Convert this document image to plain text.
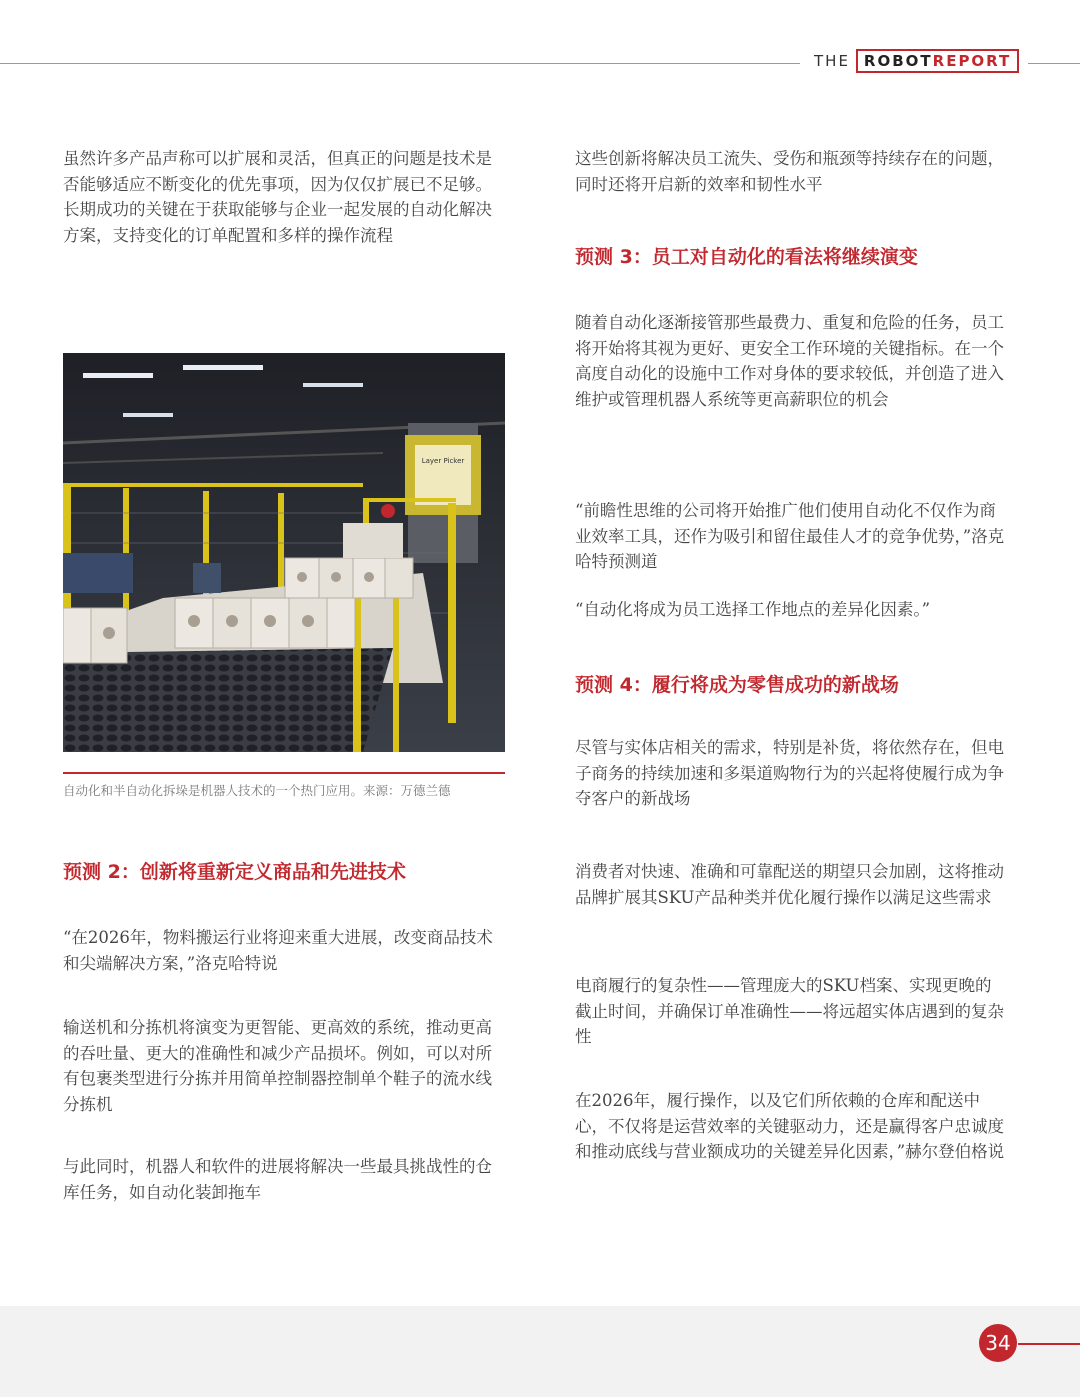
THE ROBOTREPORT

虽然许多产品声称可以扩展和灵活，但真正的问题是技术是否能够适应不断变化的优先事项，因为仅仅扩展已不足够。长期成功的关键在于获取能够与企业一起发展的自动化解决方案，支持变化的订单配置和多样的操作流程

Layer Picker
自动化和半自动化拆垛是机器人技术的一个热门应用。来源：万德兰德
预测 2：创新将重新定义商品和先进技术

“在2026年，物料搬运行业将迎来重大进展，改变商品技术和尖端解决方案，”洛克哈特说

输送机和分拣机将演变为更智能、更高效的系统，推动更高的吞吐量、更大的准确性和减少产品损坏。例如，可以对所有包裹类型进行分拣并用简单控制器控制单个鞋子的流水线分拣机

与此同时，机器人和软件的进展将解决一些最具挑战性的仓库任务，如自动化装卸拖车

这些创新将解决员工流失、受伤和瓶颈等持续存在的问题，同时还将开启新的效率和韧性水平

预测 3：员工对自动化的看法将继续演变

随着自动化逐渐接管那些最费力、重复和危险的任务，员工将开始将其视为更好、更安全工作环境的关键指标。在一个高度自动化的设施中工作对身体的要求较低，并创造了进入维护或管理机器人系统等更高薪职位的机会

“前瞻性思维的公司将开始推广他们使用自动化不仅作为商业效率工具，还作为吸引和留住最佳人才的竞争优势，”洛克哈特预测道

“自动化将成为员工选择工作地点的差异化因素。”

预测 4：履行将成为零售成功的新战场

尽管与实体店相关的需求，特别是补货，将依然存在，但电子商务的持续加速和多渠道购物行为的兴起将使履行成为争夺客户的新战场

消费者对快速、准确和可靠配送的期望只会加剧，这将推动品牌扩展其SKU产品种类并优化履行操作以满足这些需求

电商履行的复杂性——管理庞大的SKU档案、实现更晚的截止时间，并确保订单准确性——将远超实体店遇到的复杂性

在2026年，履行操作，以及它们所依赖的仓库和配送中心，不仅将是运营效率的关键驱动力，还是赢得客户忠诚度和推动底线与营业额成功的关键差异化因素，”赫尔登伯格说

34
